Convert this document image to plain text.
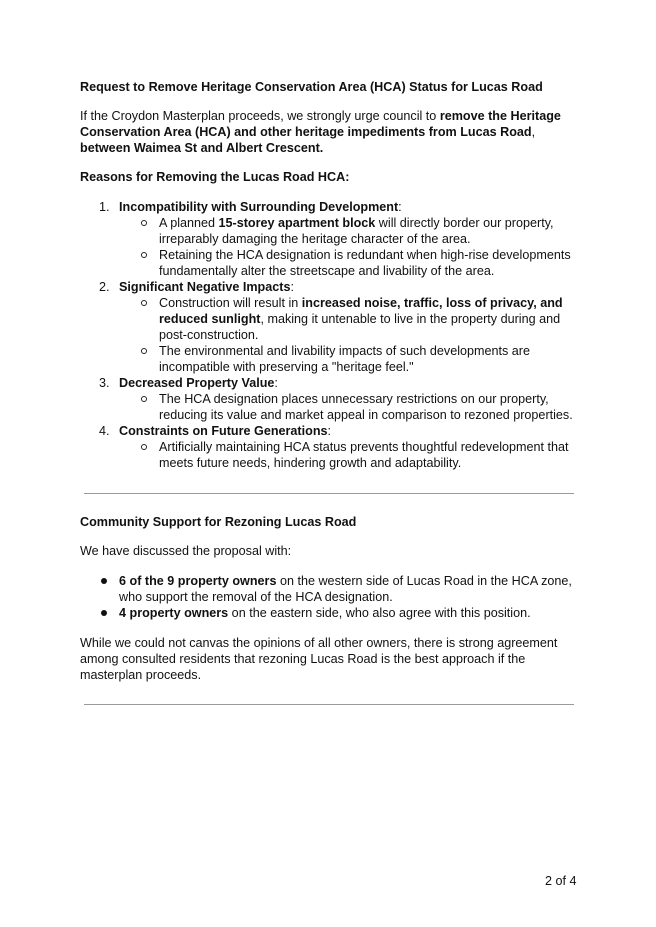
Request to Remove Heritage Conservation Area (HCA) Status for Lucas Road

If the Croydon Masterplan proceeds, we strongly urge council to remove the Heritage Conservation Area (HCA) and other heritage impediments from Lucas Road, between Waimea St and Albert Crescent.

Reasons for Removing the Lucas Road HCA:

1. Incompatibility with Surrounding Development:
A planned 15-storey apartment block will directly border our property, irreparably damaging the heritage character of the area.
Retaining the HCA designation is redundant when high-rise developments fundamentally alter the streetscape and livability of the area.
2. Significant Negative Impacts:
Construction will result in increased noise, traffic, loss of privacy, and reduced sunlight, making it untenable to live in the property during and post-construction.
The environmental and livability impacts of such developments are incompatible with preserving a "heritage feel."
3. Decreased Property Value:
The HCA designation places unnecessary restrictions on our property, reducing its value and market appeal in comparison to rezoned properties.
4. Constraints on Future Generations:
Artificially maintaining HCA status prevents thoughtful redevelopment that meets future needs, hindering growth and adaptability.

Community Support for Rezoning Lucas Road

We have discussed the proposal with:

6 of the 9 property owners on the western side of Lucas Road in the HCA zone, who support the removal of the HCA designation.
4 property owners on the eastern side, who also agree with this position.

While we could not canvas the opinions of all other owners, there is strong agreement among consulted residents that rezoning Lucas Road is the best approach if the masterplan proceeds.

2 of 4
